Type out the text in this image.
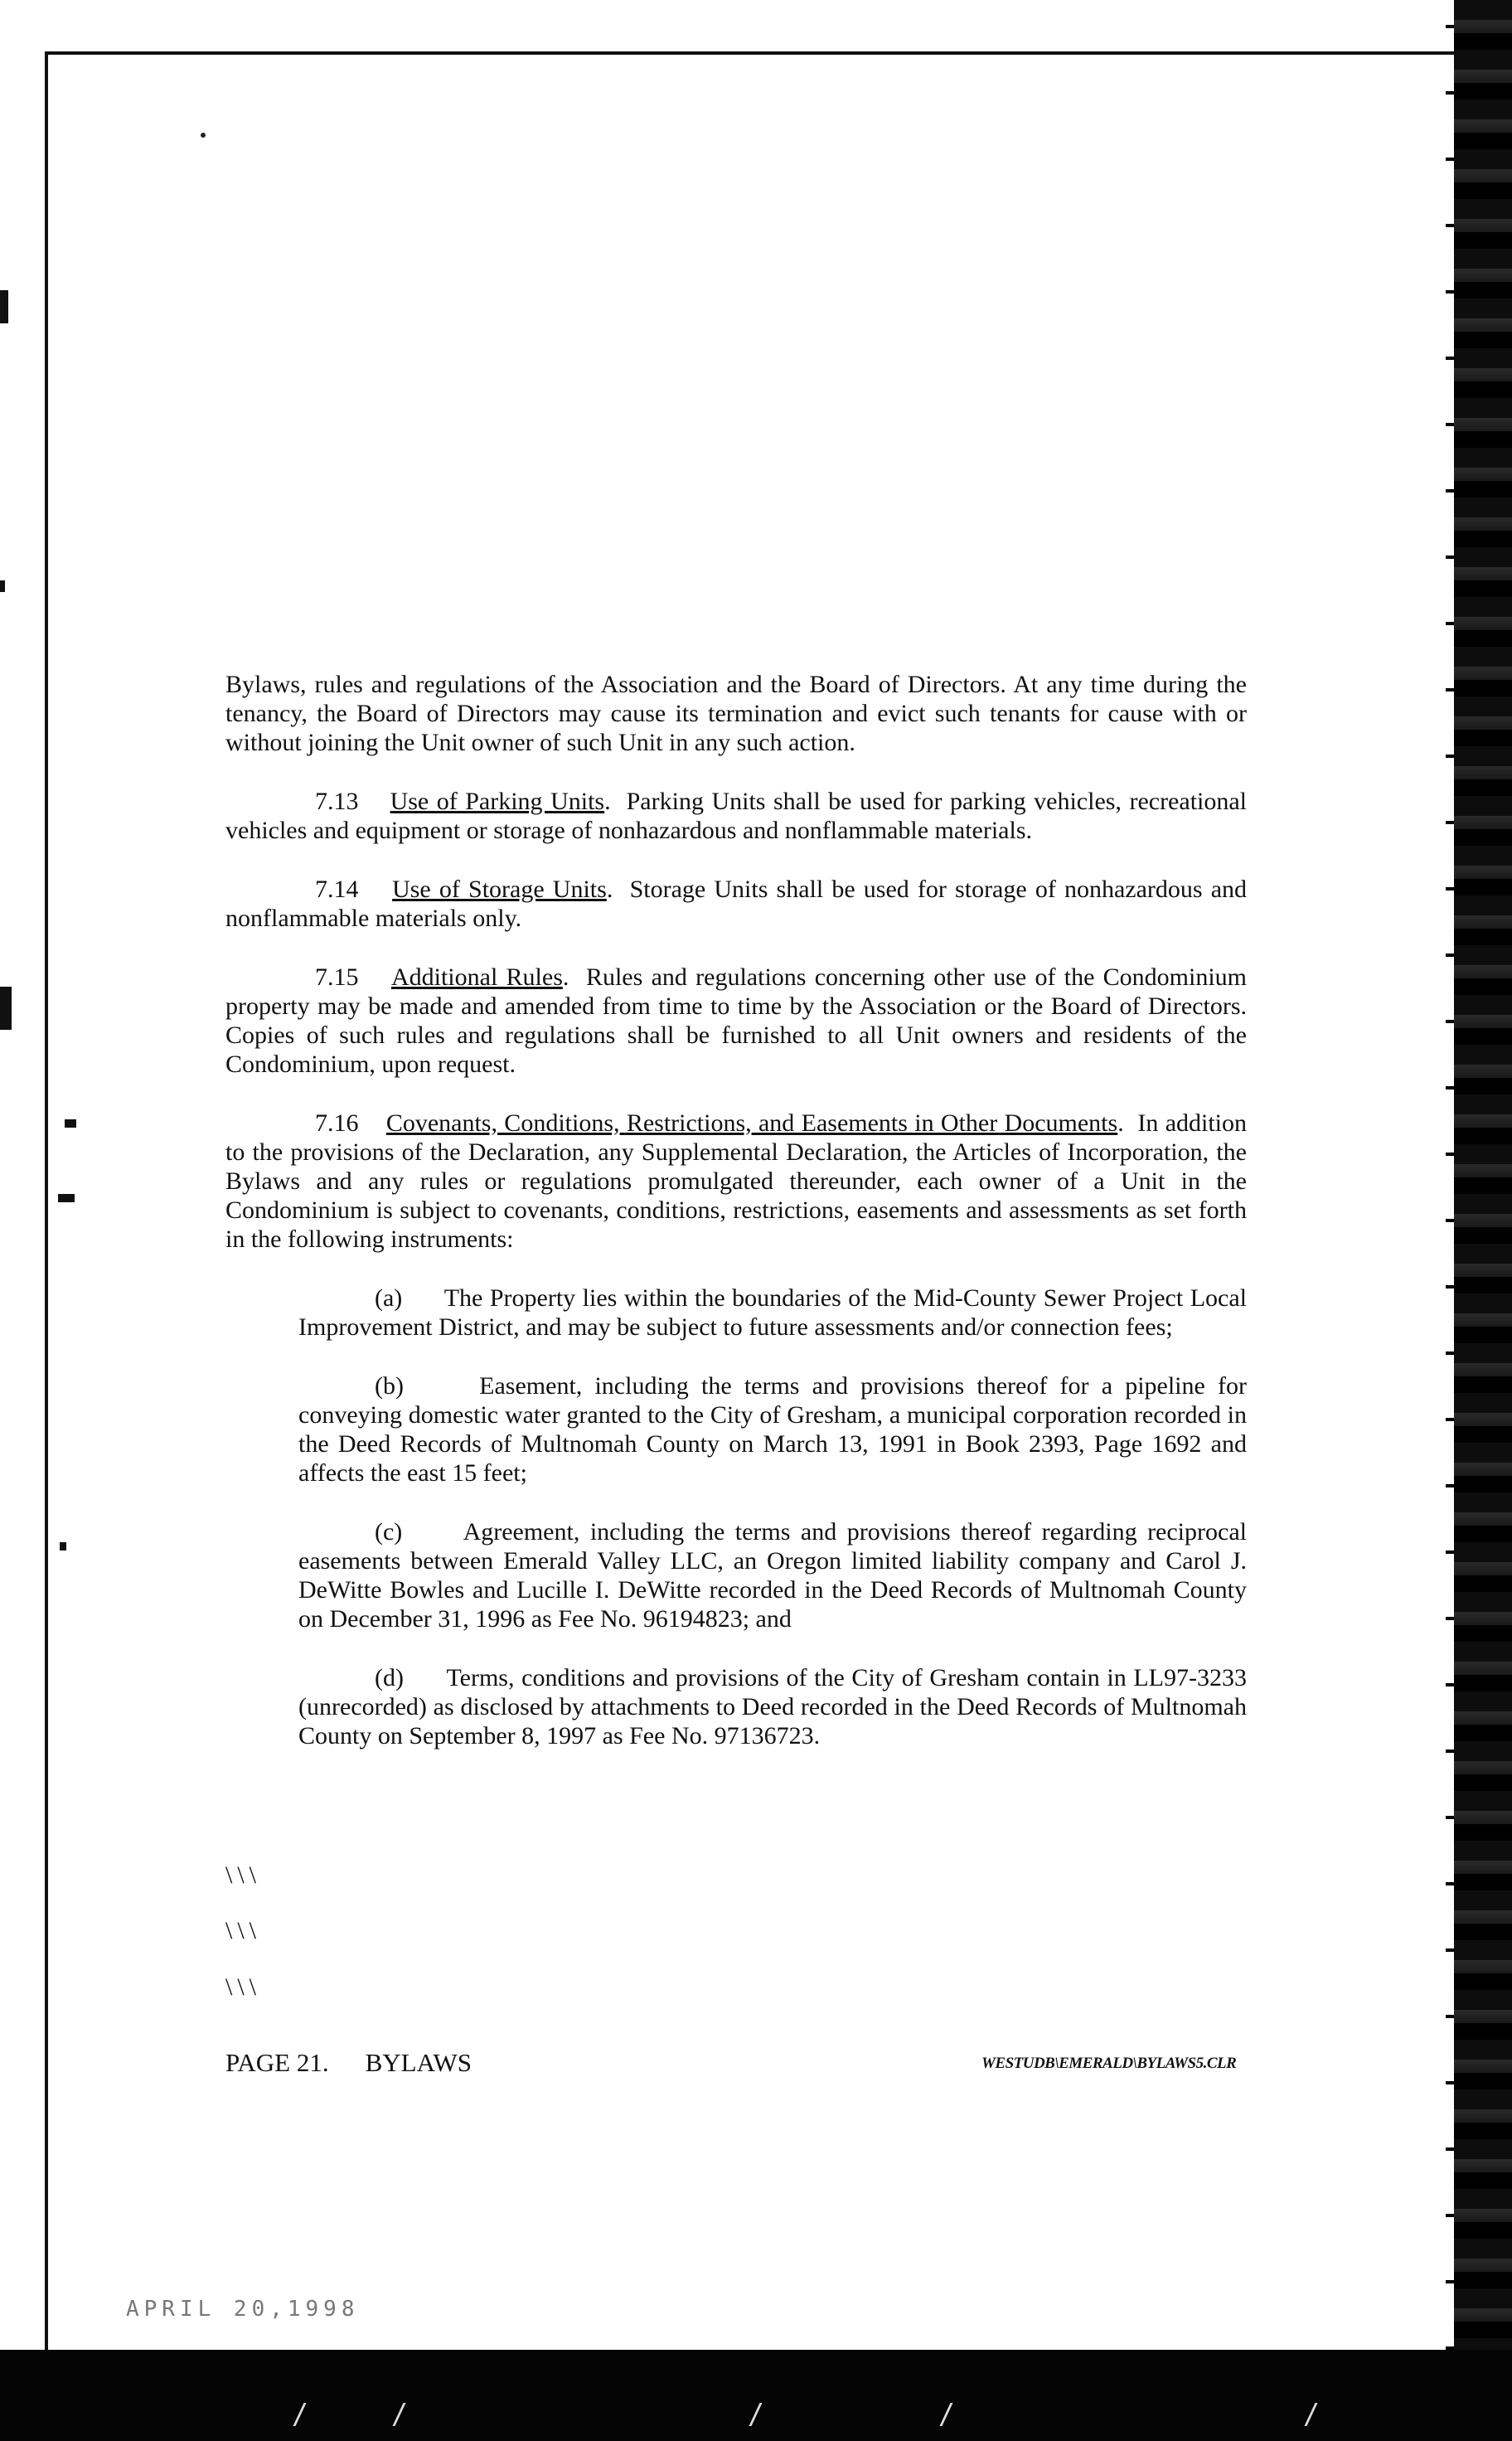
Bylaws, rules and regulations of the Association and the Board of Directors. At any time during the tenancy, the Board of Directors may cause its termination and evict such tenants for cause with or without joining the Unit owner of such Unit in any such action.

7.13 Use of Parking Units.  Parking Units shall be used for parking vehicles, recreational vehicles and equipment or storage of nonhazardous and nonflammable materials.

7.14 Use of Storage Units.  Storage Units shall be used for storage of nonhazardous and nonflammable materials only.

7.15 Additional Rules.  Rules and regulations concerning other use of the Condominium property may be made and amended from time to time by the Association or the Board of Directors. Copies of such rules and regulations shall be furnished to all Unit owners and residents of the Condominium, upon request.

7.16 Covenants, Conditions, Restrictions, and Easements in Other Documents.  In addition to the provisions of the Declaration, any Supplemental Declaration, the Articles of Incorporation, the Bylaws and any rules or regulations promulgated thereunder, each owner of a Unit in the Condominium is subject to covenants, conditions, restrictions, easements and assessments as set forth in the following instruments:

(a) The Property lies within the boundaries of the Mid-County Sewer Project Local Improvement District, and may be subject to future assessments and/or connection fees;

(b)	Easement, including the terms and provisions thereof for a pipeline for conveying domestic water granted to the City of Gresham, a municipal corporation recorded in the Deed Records of Multnomah County on March 13, 1991 in Book 2393, Page 1692 and affects the east 15 feet;

(c) Agreement, including the terms and provisions thereof regarding reciprocal easements between Emerald Valley LLC, an Oregon limited liability company and Carol J. DeWitte Bowles and Lucille I. DeWitte recorded in the Deed Records of Multnomah County on December 31, 1996 as Fee No. 96194823; and

(d) Terms, conditions and provisions of the City of Gresham contain in LL97-3233 (unrecorded) as disclosed by attachments to Deed recorded in the Deed Records of Multnomah County on September 8, 1997 as Fee No. 97136723.

\\\
\\\
\\\
PAGE 21. BYLAWS	WESTUDB\EMERALD\BYLAWS5.CLR
APRIL 20,1998
